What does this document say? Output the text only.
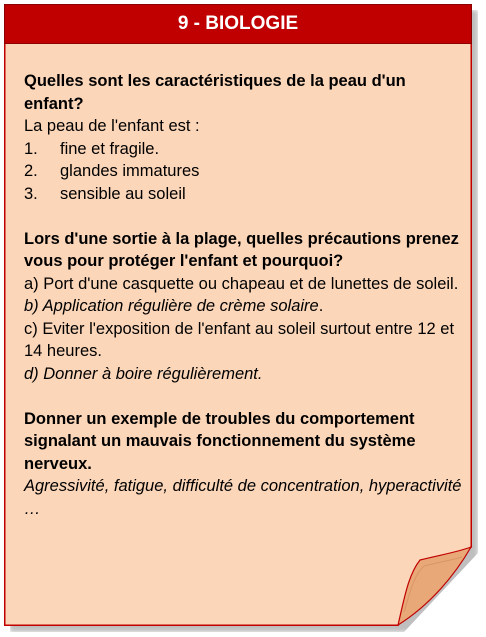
9 - BIOLOGIE
Quelles sont les caractéristiques de la peau d'un enfant?
La peau de l'enfant est :
1.	fine et fragile.
2.	glandes immatures
3.	sensible au soleil
Lors d'une sortie à la plage, quelles précautions prenez vous pour protéger l'enfant et pourquoi?
a) Port d'une casquette ou chapeau et de lunettes de soleil.
b) Application régulière de crème solaire.
c) Eviter l'exposition de l'enfant au soleil surtout entre 12 et 14 heures.
d) Donner à boire régulièrement.
Donner un exemple de troubles du comportement signalant un mauvais fonctionnement du système nerveux.
Agressivité, fatigue, difficulté de concentration, hyperactivité …
